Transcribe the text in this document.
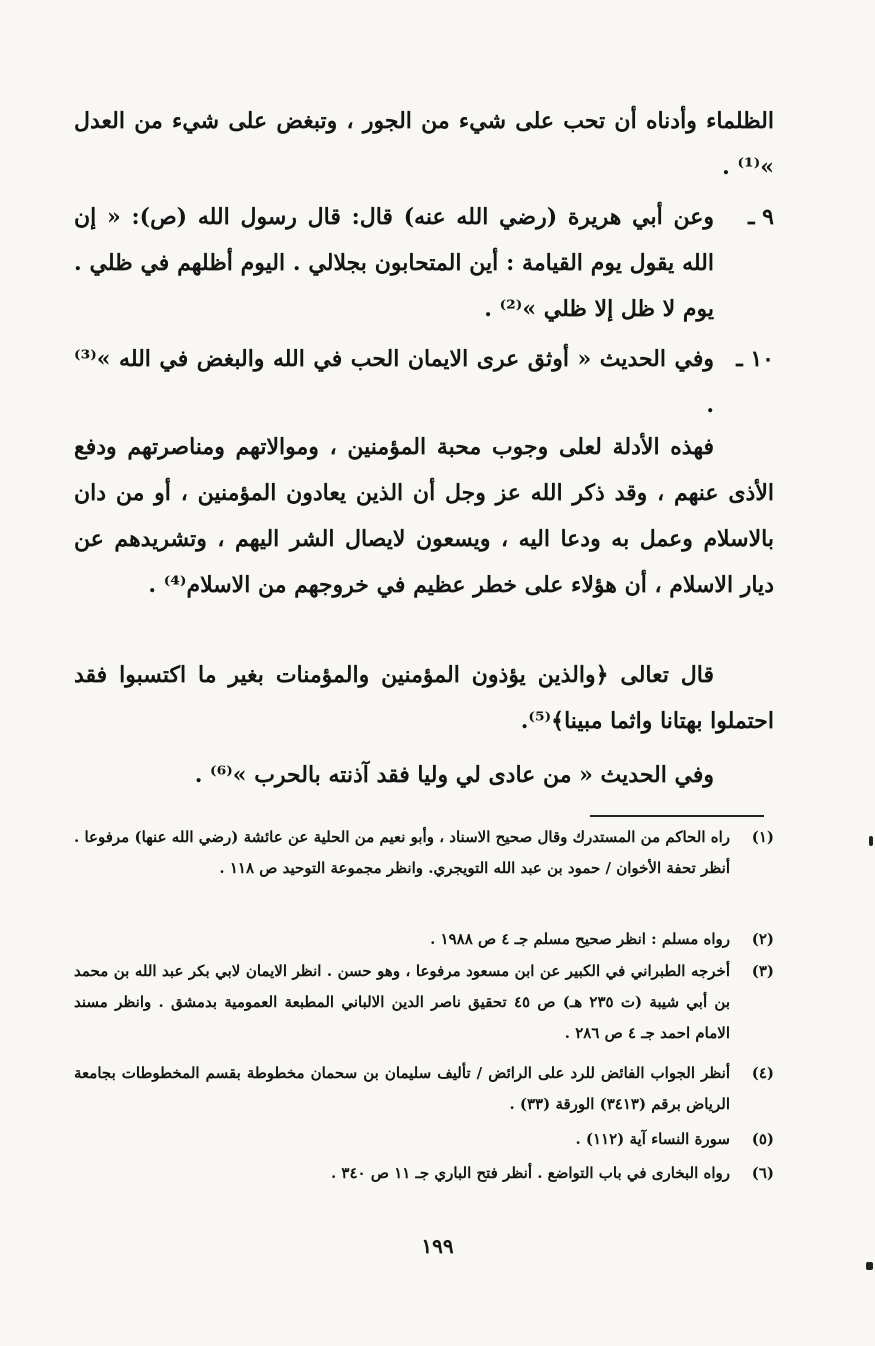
الظلماء وأدناه أن تحب على شيء من الجور ، وتبغض على شيء من العدل »⁽¹⁾ .
٩ ـ
وعن أبي هريرة (رضي الله عنه) قال: قال رسول الله (ص): « إن الله يقول يوم القيامة : أين المتحابون بجلالي . اليوم أظلهم في ظلي . يوم لا ظل إلا ظلي »⁽²⁾ .
١٠ ـ
وفي الحديث « أوثق عرى الايمان الحب في الله والبغض في الله »⁽³⁾ .
فهذه الأدلة لعلى وجوب محبة المؤمنين ، وموالاتهم ومناصرتهم ودفع الأذى عنهم ، وقد ذكر الله عز وجل أن الذين يعادون المؤمنين ، أو من دان بالاسلام وعمل به ودعا اليه ، ويسعون لايصال الشر اليهم ، وتشريدهم عن ديار الاسلام ، أن هؤلاء على خطر عظيم في خروجهم من الاسلام⁽⁴⁾ .
قال تعالى ﴿والذين يؤذون المؤمنين والمؤمنات بغير ما اكتسبوا فقد احتملوا بهتانا واثما مبينا﴾⁽⁵⁾.
وفي الحديث « من عادى لي وليا فقد آذنته بالحرب »⁽⁶⁾ .
(١)
راه الحاكم من المستدرك وقال صحيح الاسناد ، وأبو نعيم من الحلية عن عائشة (رضي الله عنها) مرفوعا . أنظر تحفة الأخوان / حمود بن عبد الله التويجري. وانظر مجموعة التوحيد ص ١١٨ .
(٢)
رواه مسلم : انظر صحيح مسلم جـ ٤ ص ١٩٨٨ .
(٣)
أخرجه الطبراني في الكبير عن ابن مسعود مرفوعا ، وهو حسن . انظر الايمان لابي بكر عبد الله بن محمد بن أبي شيبة (ت ٢٣٥ هـ) ص ٤٥ تحقيق ناصر الدين الالباني المطبعة العمومية بدمشق . وانظر مسند الامام احمد جـ ٤ ص ٢٨٦ .
(٤)
أنظر الجواب الفائض للرد على الرائض / تأليف سليمان بن سحمان مخطوطة بقسم المخطوطات بجامعة الرياض برقم (٣٤١٣) الورقة (٣٣) .
(٥)
سورة النساء آية (١١٢) .
(٦)
رواه البخارى في باب التواضع . أنظر فتح الباري جـ ١١ ص ٣٤٠ .
١٩٩
